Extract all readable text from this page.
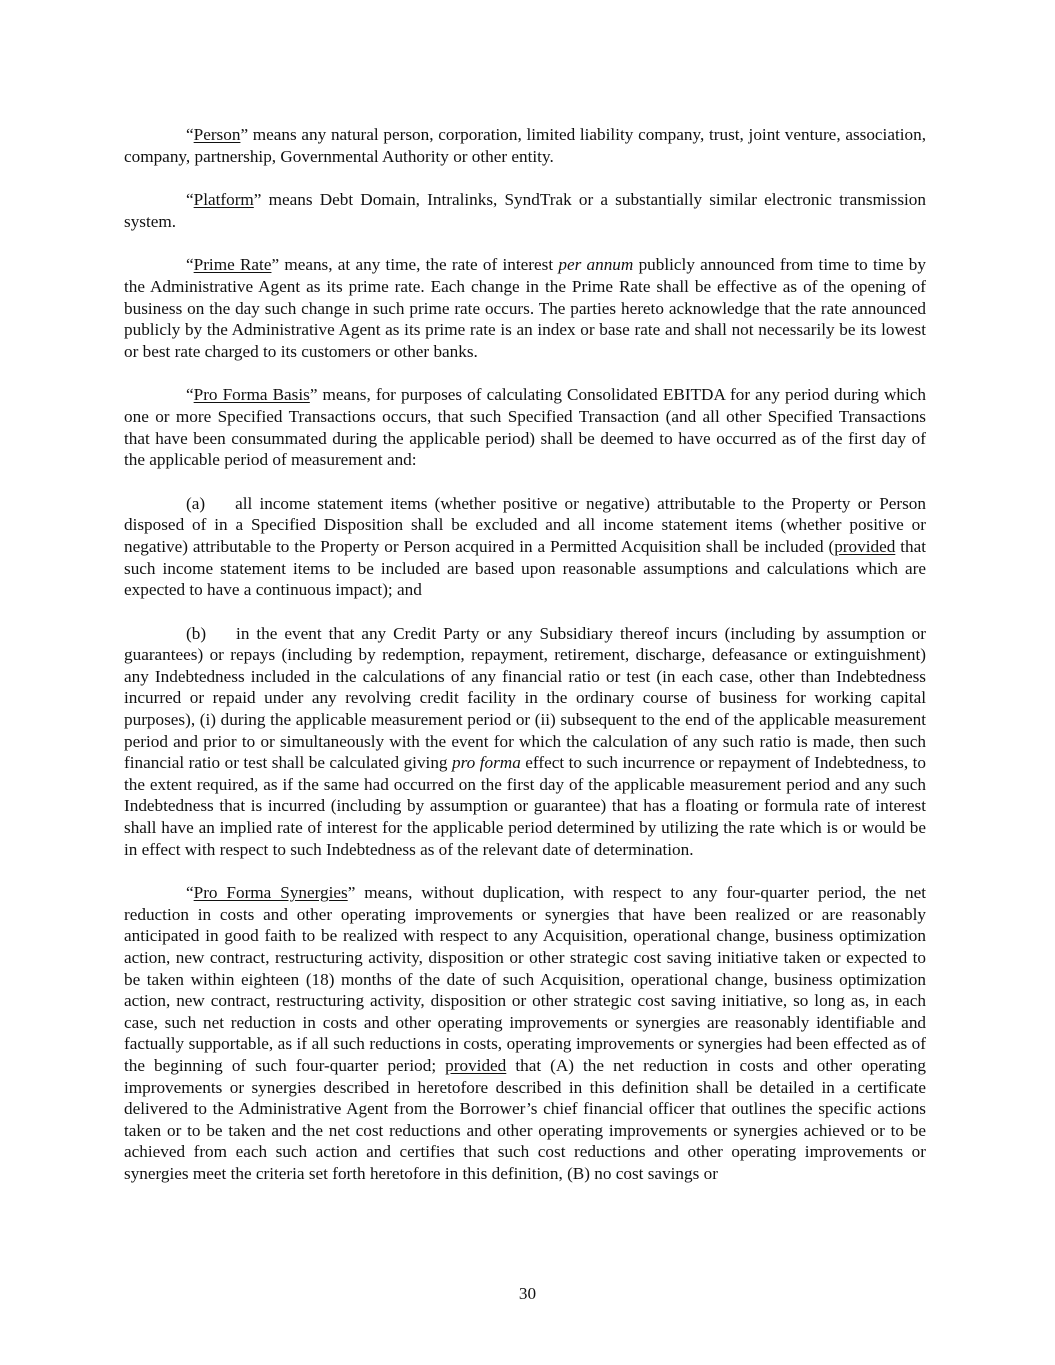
“Person” means any natural person, corporation, limited liability company, trust, joint venture, association, company, partnership, Governmental Authority or other entity.

“Platform” means Debt Domain, Intralinks, SyndTrak or a substantially similar electronic transmission system.

“Prime Rate” means, at any time, the rate of interest per annum publicly announced from time to time by the Administrative Agent as its prime rate. Each change in the Prime Rate shall be effective as of the opening of business on the day such change in such prime rate occurs. The parties hereto acknowledge that the rate announced publicly by the Administrative Agent as its prime rate is an index or base rate and shall not necessarily be its lowest or best rate charged to its customers or other banks.

“Pro Forma Basis” means, for purposes of calculating Consolidated EBITDA for any period during which one or more Specified Transactions occurs, that such Specified Transaction (and all other Specified Transactions that have been consummated during the applicable period) shall be deemed to have occurred as of the first day of the applicable period of measurement and:

(a) all income statement items (whether positive or negative) attributable to the Property or Person disposed of in a Specified Disposition shall be excluded and all income statement items (whether positive or negative) attributable to the Property or Person acquired in a Permitted Acquisition shall be included (provided that such income statement items to be included are based upon reasonable assumptions and calculations which are expected to have a continuous impact); and

(b) in the event that any Credit Party or any Subsidiary thereof incurs (including by assumption or guarantees) or repays (including by redemption, repayment, retirement, discharge, defeasance or extinguishment) any Indebtedness included in the calculations of any financial ratio or test (in each case, other than Indebtedness incurred or repaid under any revolving credit facility in the ordinary course of business for working capital purposes), (i) during the applicable measurement period or (ii) subsequent to the end of the applicable measurement period and prior to or simultaneously with the event for which the calculation of any such ratio is made, then such financial ratio or test shall be calculated giving pro forma effect to such incurrence or repayment of Indebtedness, to the extent required, as if the same had occurred on the first day of the applicable measurement period and any such Indebtedness that is incurred (including by assumption or guarantee) that has a floating or formula rate of interest shall have an implied rate of interest for the applicable period determined by utilizing the rate which is or would be in effect with respect to such Indebtedness as of the relevant date of determination.

“Pro Forma Synergies” means, without duplication, with respect to any four-quarter period, the net reduction in costs and other operating improvements or synergies that have been realized or are reasonably anticipated in good faith to be realized with respect to any Acquisition, operational change, business optimization action, new contract, restructuring activity, disposition or other strategic cost saving initiative taken or expected to be taken within eighteen (18) months of the date of such Acquisition, operational change, business optimization action, new contract, restructuring activity, disposition or other strategic cost saving initiative, so long as, in each case, such net reduction in costs and other operating improvements or synergies are reasonably identifiable and factually supportable, as if all such reductions in costs, operating improvements or synergies had been effected as of the beginning of such four-quarter period; provided that (A) the net reduction in costs and other operating improvements or synergies described in heretofore described in this definition shall be detailed in a certificate delivered to the Administrative Agent from the Borrower’s chief financial officer that outlines the specific actions taken or to be taken and the net cost reductions and other operating improvements or synergies achieved or to be achieved from each such action and certifies that such cost reductions and other operating improvements or synergies meet the criteria set forth heretofore in this definition, (B) no cost savings or

30
